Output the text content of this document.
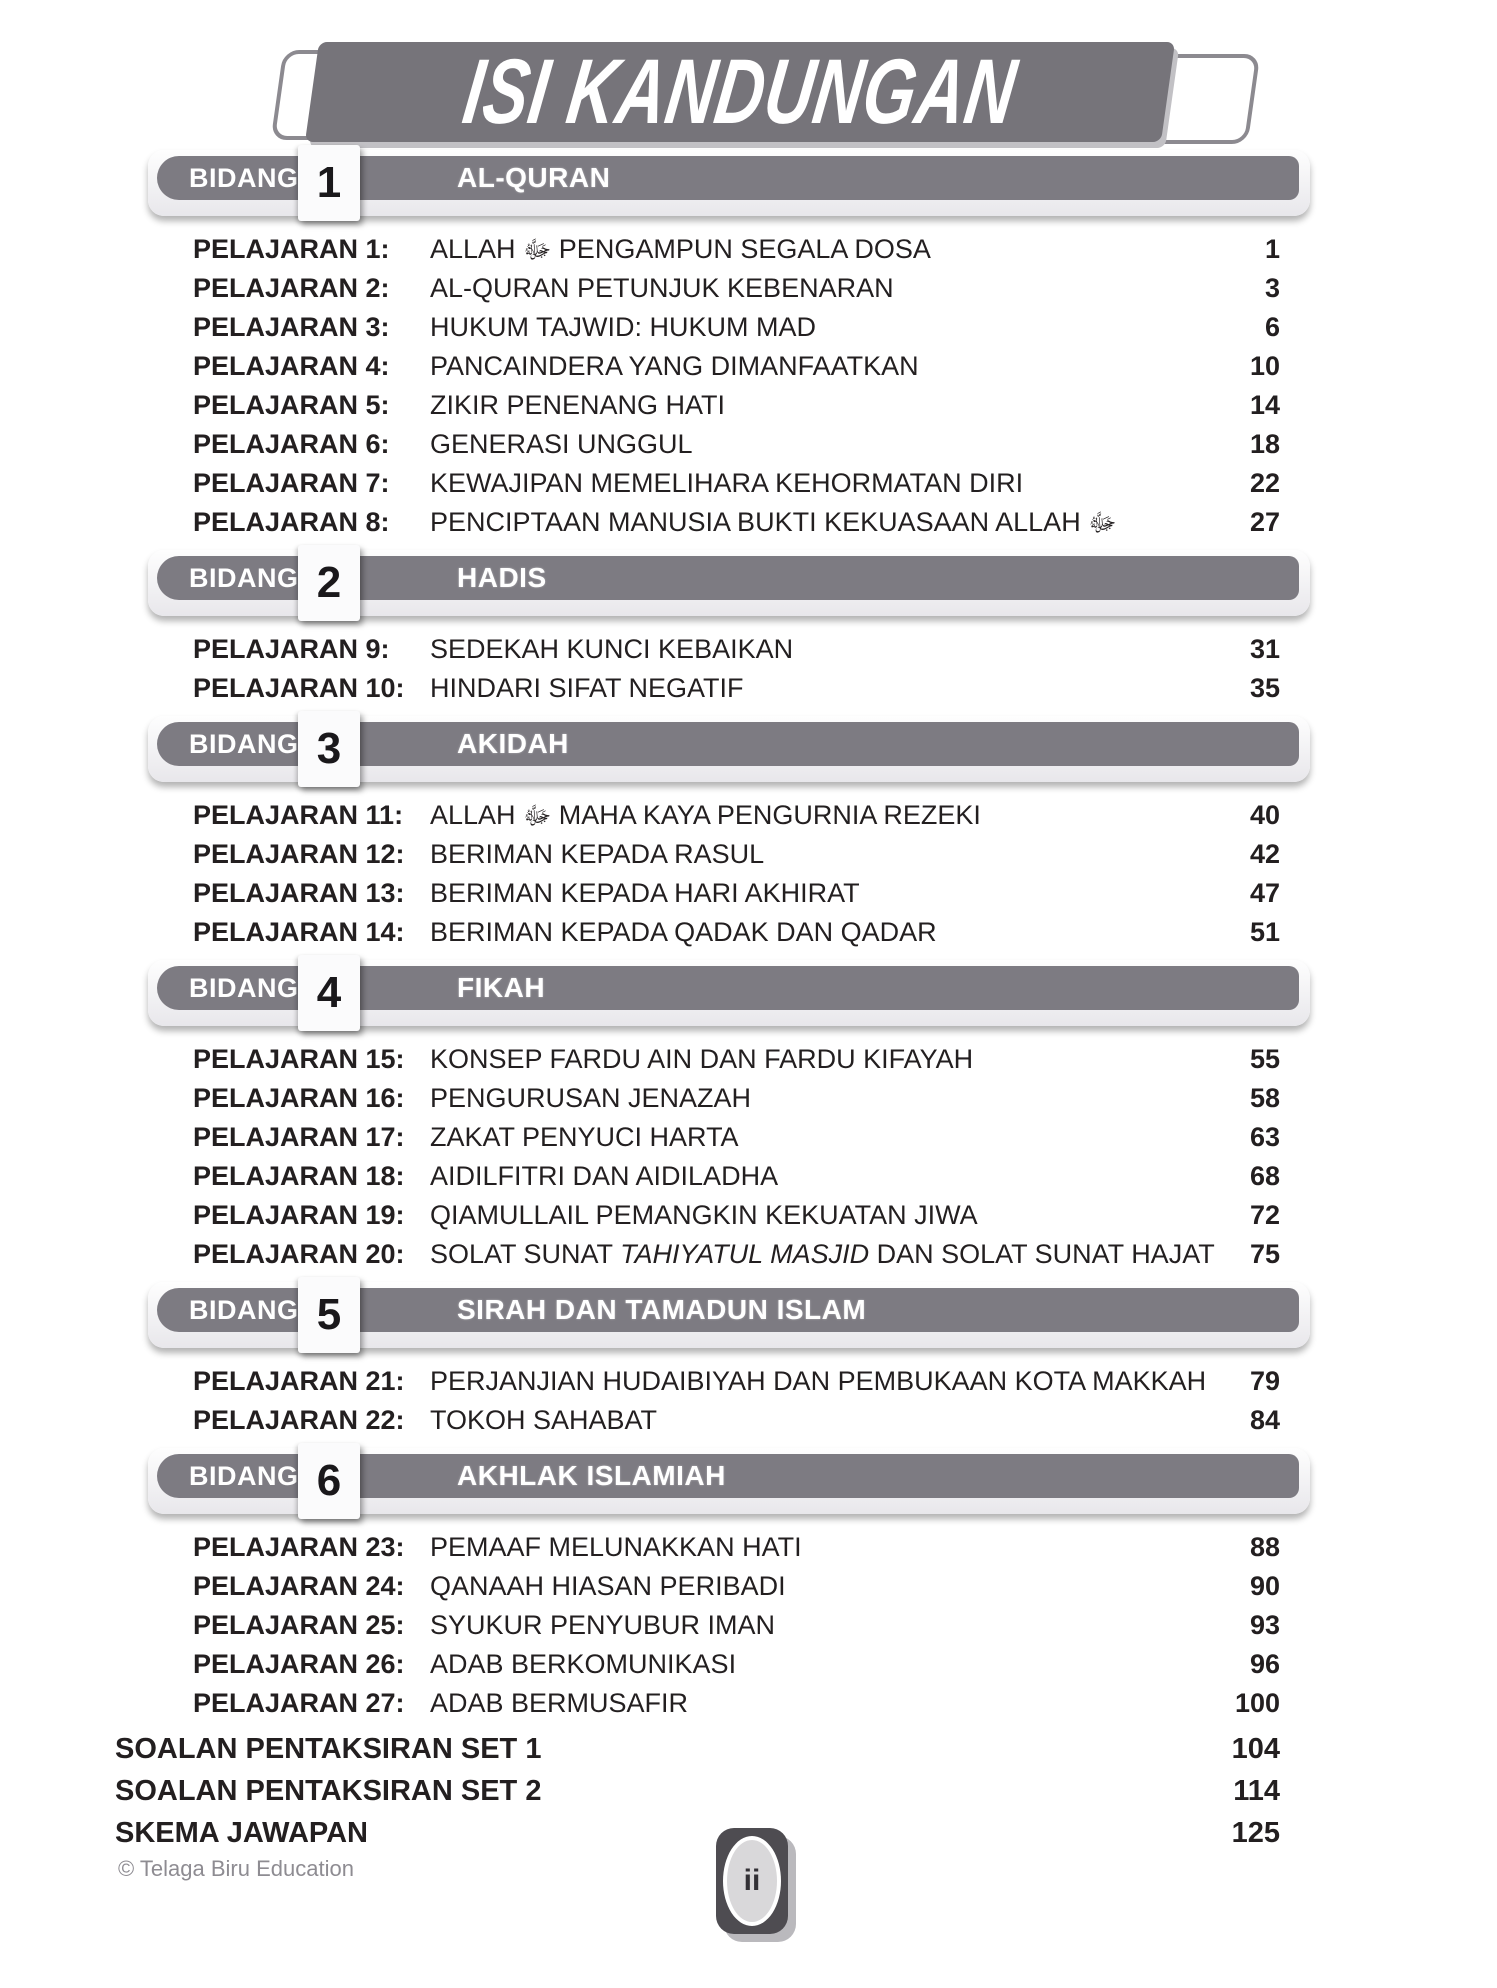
ISI KANDUNGAN
BIDANG	AL-QURAN
1
PELAJARAN 1:	ALLAH ﷻ PENGAMPUN SEGALA DOSA	1
PELAJARAN 2:	AL-QURAN PETUNJUK KEBENARAN	3
PELAJARAN 3:	HUKUM TAJWID: HUKUM MAD	6
PELAJARAN 4:	PANCAINDERA YANG DIMANFAATKAN	10
PELAJARAN 5:	ZIKIR PENENANG HATI	14
PELAJARAN 6:	GENERASI UNGGUL	18
PELAJARAN 7:	KEWAJIPAN MEMELIHARA KEHORMATAN DIRI	22
PELAJARAN 8:	PENCIPTAAN MANUSIA BUKTI KEKUASAAN ALLAH ﷻ	27
BIDANG	HADIS
2
PELAJARAN 9:	SEDEKAH KUNCI KEBAIKAN	31
PELAJARAN 10: HINDARI SIFAT NEGATIF	35
BIDANG	AKIDAH
3
PELAJARAN 11: ALLAH ﷻ MAHA KAYA PENGURNIA REZEKI	40
PELAJARAN 12: BERIMAN KEPADA RASUL	42
PELAJARAN 13: BERIMAN KEPADA HARI AKHIRAT	47
PELAJARAN 14: BERIMAN KEPADA QADAK DAN QADAR	51
BIDANG	FIKAH
4
PELAJARAN 15: KONSEP FARDU AIN DAN FARDU KIFAYAH	55
PELAJARAN 16: PENGURUSAN JENAZAH	58
PELAJARAN 17: ZAKAT PENYUCI HARTA	63
PELAJARAN 18: AIDILFITRI DAN AIDILADHA	68
PELAJARAN 19: QIAMULLAIL PEMANGKIN KEKUATAN JIWA	72
PELAJARAN 20: SOLAT SUNAT TAHIYATUL MASJID DAN SOLAT SUNAT HAJAT	75
BIDANG	SIRAH DAN TAMADUN ISLAM
5
PELAJARAN 21: PERJANJIAN HUDAIBIYAH DAN PEMBUKAAN KOTA MAKKAH	79
PELAJARAN 22: TOKOH SAHABAT	84
BIDANG	AKHLAK ISLAMIAH
6
PELAJARAN 23: PEMAAF MELUNAKKAN HATI	88
PELAJARAN 24: QANAAH HIASAN PERIBADI	90
PELAJARAN 25: SYUKUR PENYUBUR IMAN	93
PELAJARAN 26: ADAB BERKOMUNIKASI	96
PELAJARAN 27: ADAB BERMUSAFIR	100
SOALAN PENTAKSIRAN SET 1	104
SOALAN PENTAKSIRAN SET 2	114
SKEMA JAWAPAN	125
© Telaga Biru Education	ii
